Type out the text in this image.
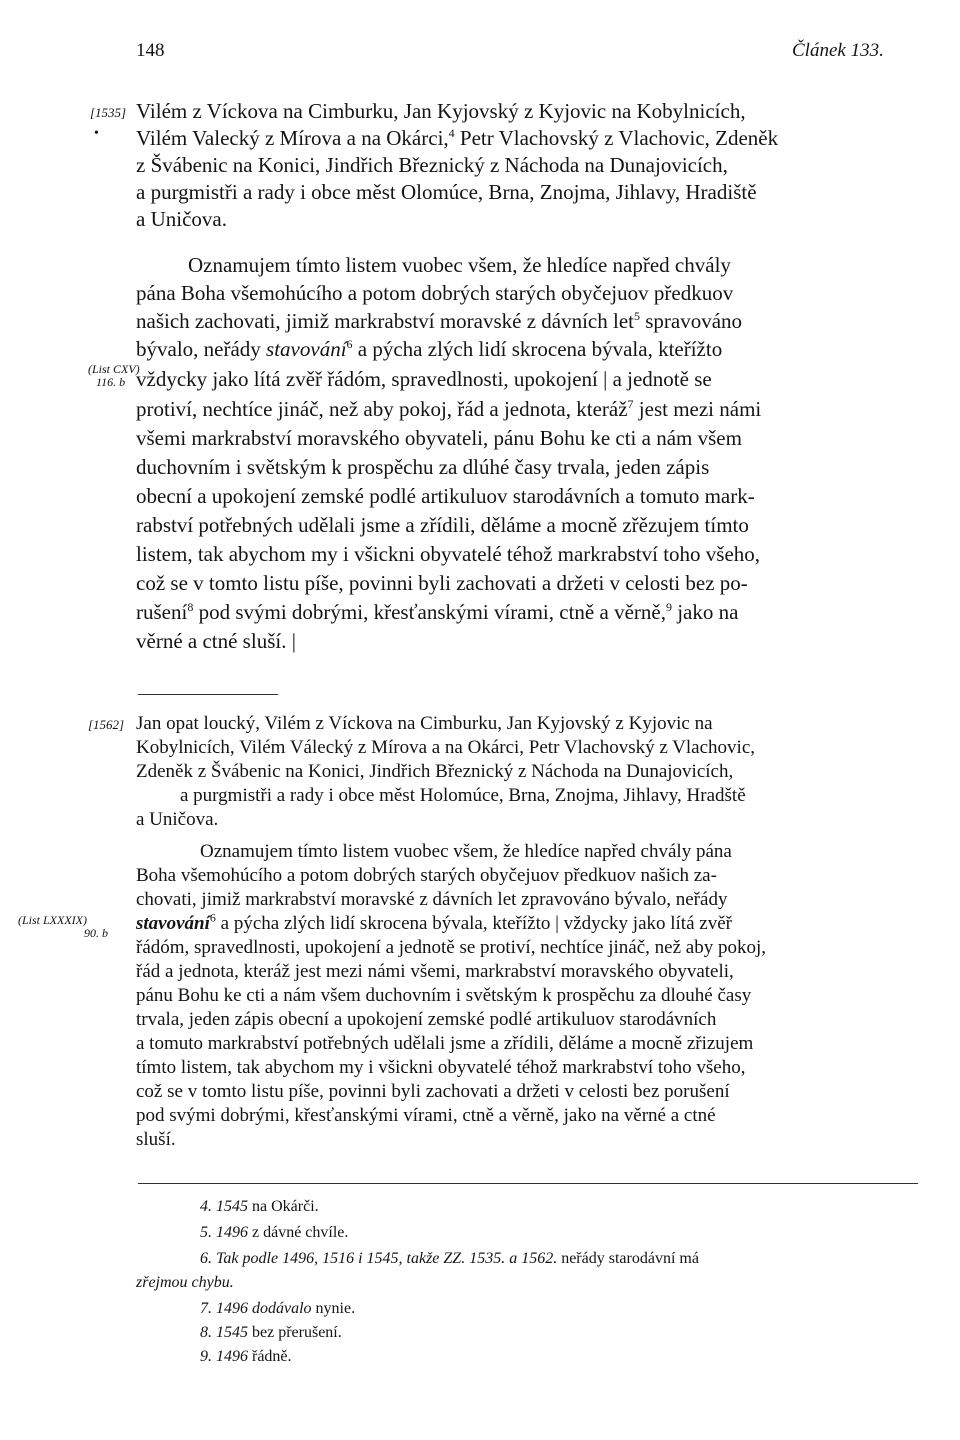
148	Článek 133.
[1535]
•
Vilém z Víckova na Cimburku, Jan Kyjovský z Kyjovic na Kobylnicích,
Vilém Valecký z Mírova a na Okárci,$^4$ Petr Vlachovský z Vlachovic, Zdeněk
z Švábenic na Konici, Jindřich Březnický z Náchoda na Dunajovicích,
a purgmistři a rady i obce měst Olomúce, Brna, Znojma, Jihlavy, Hradiště
a Uničova.
Oznamujem tímto listem vuobec všem, že hledíce napřed chvály
pána Boha všemohúcího a potom dobrých starých obyčejuov předkuov
našich zachovati, jimiž markrabství moravské z dávních let$^5$ spravováno
bývalo, neřády stavování$^6$ a pýcha zlých lidí skrocena bývala, kteřížto
vždycky jako lítá zvěř řádóm, spravedlnosti, upokojení | a jednotě se
protiví, nechtíce jináč, než aby pokoj, řád a jednota, kteráž$^7$ jest mezi námi
všemi markrabství moravského obyvateli, pánu Bohu ke cti a nám všem
duchovním i světským k prospěchu za dlúhé časy trvala, jeden zápis
obecní a upokojení zemské podlé artikuluov starodávních a tomuto mark-
rabství potřebných udělali jsme a zřídili, děláme a mocně zřězujem tímto
listem, tak abychom my i všickni obyvatelé téhož markrabství toho všeho,
což se v tomto listu píše, povinni byli zachovati a držeti v celosti bez po-
rušení$^8$ pod svými dobrými, křesťanskými vírami, ctně a věrně,$^9$ jako na
věrné a ctné sluší. |
(List CXV)
116. b
[1562] Jan opat loucký, Vilém z Víckova na Cimburku, Jan Kyjovský z Kyjovic na
Kobylnicích, Vilém Válecký z Mírova a na Okárci, Petr Vlachovský z Vlachovic,
Zdeněk z Švábenic na Konici, Jindřich Březnický z Náchoda na Dunajovicích,
a purgmistři a rady i obce měst Holomúce, Brna, Znojma, Jihlavy, Hradště
a Uničova.
Oznamujem tímto listem vuobec všem, že hledíce napřed chvály pána
Boha všemohúcího a potom dobrých starých obyčejuov předkuov našich za-
chovati, jimiž markrabství moravské z dávních let zpravováno bývalo, neřády
stavování$^6$ a pýcha zlých lidí skrocena bývala, kteřížto | vždycky jako lítá zvěř
řádóm, spravedlnosti, upokojení a jednotě se protiví, nechtíce jináč, než aby pokoj,
řád a jednota, kteráž jest mezi námi všemi, markrabství moravského obyvateli,
pánu Bohu ke cti a nám všem duchovním i světským k prospěchu za dlouhé časy
trvala, jeden zápis obecní a upokojení zemské podlé artikuluov starodávních
a tomuto markrabství potřebných udělali jsme a zřídili, děláme a mocně zřizujem
tímto listem, tak abychom my i všickni obyvatelé téhož markrabství toho všeho,
což se v tomto listu píše, povinni byli zachovati a držeti v celosti bez porušení
pod svými dobrými, křesťanskými vírami, ctně a věrně, jako na věrné a ctné
sluší.
(List LXXXIX)
90. b
4. 1545 na Okárči.
5. 1496 z dávné chvíle.
6. Tak podle 1496, 1516 i 1545, takže ZZ. 1535. a 1562. neřády starodávní má
zřejmou chybu.
7. 1496 dodávalo nynie.
8. 1545 bez přerušení.
9. 1496 řádně.
